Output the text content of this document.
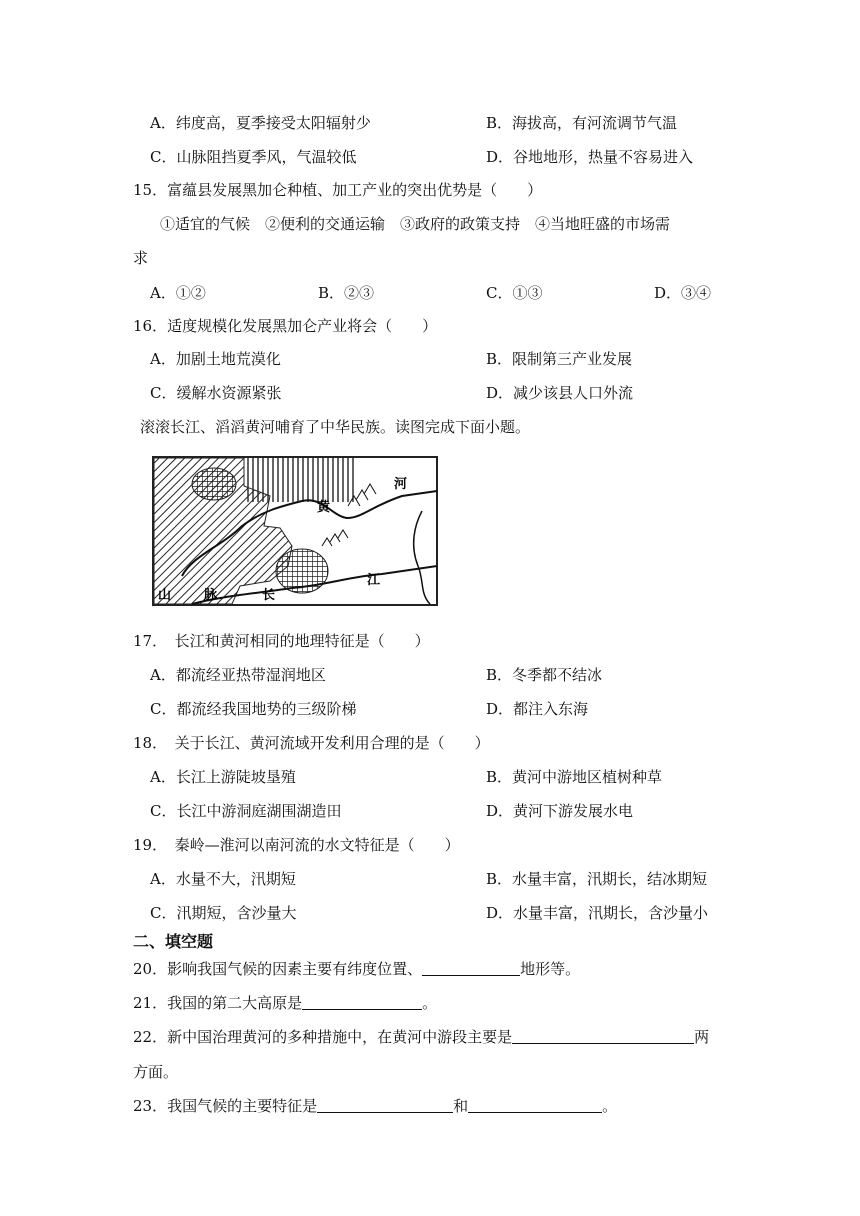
A．纬度高，夏季接受太阳辐射少	B．海拔高，有河流调节气温
C．山脉阻挡夏季风，气温较低	D．谷地地形，热量不容易进入
15．富蕴县发展黑加仑种植、加工产业的突出优势是（　　）
①适宜的气候　②便利的交通运输　③政府的政策支持　④当地旺盛的市场需
求
A．①②	B．②③	C．①③	D．③④
16．适度规模化发展黑加仑产业将会（　　）
A．加剧土地荒漠化	B．限制第三产业发展
C．缓解水资源紧张	D．减少该县人口外流
滚滚长江、滔滔黄河哺育了中华民族。读图完成下面小题。
黄
河
江
长
山	脉
17．　长江和黄河相同的地理特征是（　　）
A．都流经亚热带湿润地区	B．冬季都不结冰
C．都流经我国地势的三级阶梯	D．都注入东海
18．　关于长江、黄河流域开发利用合理的是（　　）
A．长江上游陡坡垦殖	B．黄河中游地区植树种草
C．长江中游洞庭湖围湖造田	D．黄河下游发展水电
19．　秦岭—淮河以南河流的水文特征是（　　）
A．水量不大，汛期短	B．水量丰富，汛期长，结冰期短
C．汛期短，含沙量大	D．水量丰富，汛期长，含沙量小
二、填空题
20．影响我国气候的因素主要有纬度位置、	地形等。
21．我国的第二大高原是	。
22．新中国治理黄河的多种措施中，在黄河中游段主要是	两
方面。
23．我国气候的主要特征是	和	。
